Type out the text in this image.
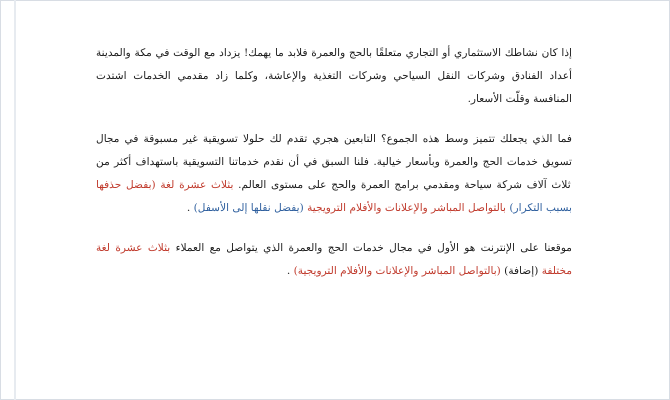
إذا كان نشاطك الاستثماري أو التجاري متعلقًا بالحج والعمرة فلابد ما يهمك! يزداد مع الوقت في مكة والمدينة أعداد الفنادق وشركات النقل السياحي وشركات التغذية والإعاشة، وكلما زاد مقدمي الخدمات اشتدت المنافسة وقلّت الأسعار.

فما الذي يجعلك تتميز وسط هذه الجموع؟ التابعين هجري تقدم لك حلولا تسويقية غير مسبوقة في مجال تسويق خدمات الحج والعمرة وبأسعار خيالية. فلنا السبق في أن نقدم خدماتنا التسويقية باستهداف أكثر من ثلاث آلاف شركة سياحة ومقدمي برامج العمرة والحج على مستوى العالم. بثلاث عشرة لغة (بفضل حذفها بسبب التكرار) بالتواصل المباشر والإعلانات والأفلام الترويجية (يفضل نقلها إلى الأسفل) .

موقعنا على الإنترنت هو الأول في مجال خدمات الحج والعمرة الذي يتواصل مع العملاء بثلاث عشرة لغة مختلفة (إضافة) (بالتواصل المباشر والإعلانات والأفلام الترويجية) .
